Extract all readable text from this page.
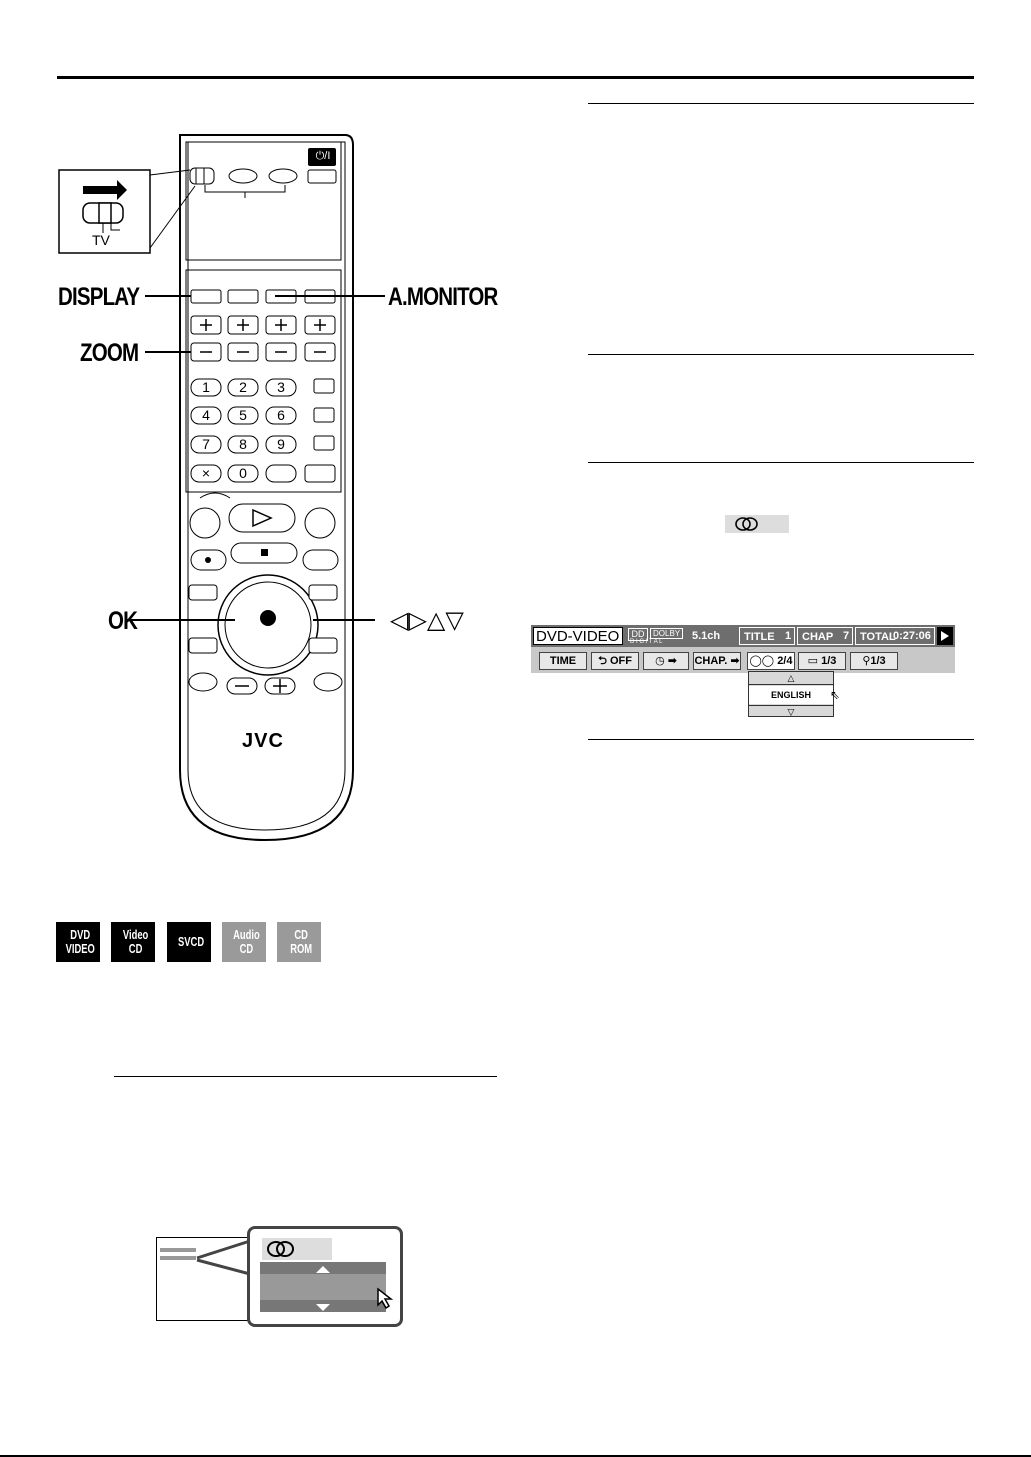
1 2 3
4 5 6
7 8 9
× 0
⏻/I
TV
JVC
DISPLAY
ZOOM
OK
A.MONITOR
◁▷△▽
DVD
VIDEO
Video
CD	SVCD Audio
CD
CD
ROM
DVD-VIDEO	DD	DOLBY
D I G I T A L	5.1ch	TITLE 1 CHAP 7 TOTAL
0:27:06
TIME	⮌ OFF	◷ ➡	CHAP. ➡ ◯◯ 2/4	▭ 1/3	⚲1/3
△
ENGLISH
▽
⇖
